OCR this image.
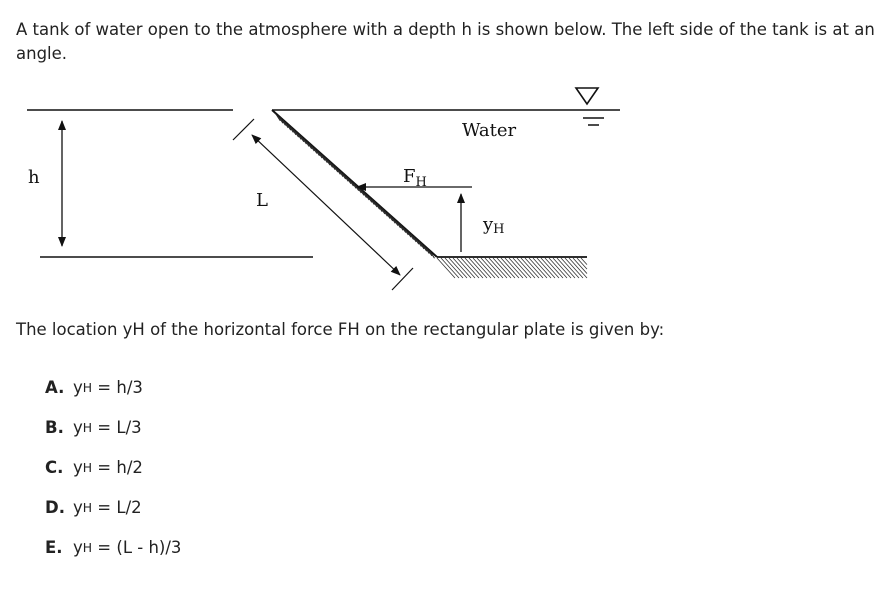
A tank of water open to the atmosphere with a depth h is shown below. The left side of the tank is at an angle.

h
L
$F_H$
yH
Water

The location yH of the horizontal force FH on the rectangular plate is given by:

A. y H = h/3
B. y H = L/3
C. y H = h/2
D. y H = L/2
E. y H = (L - h)/3
